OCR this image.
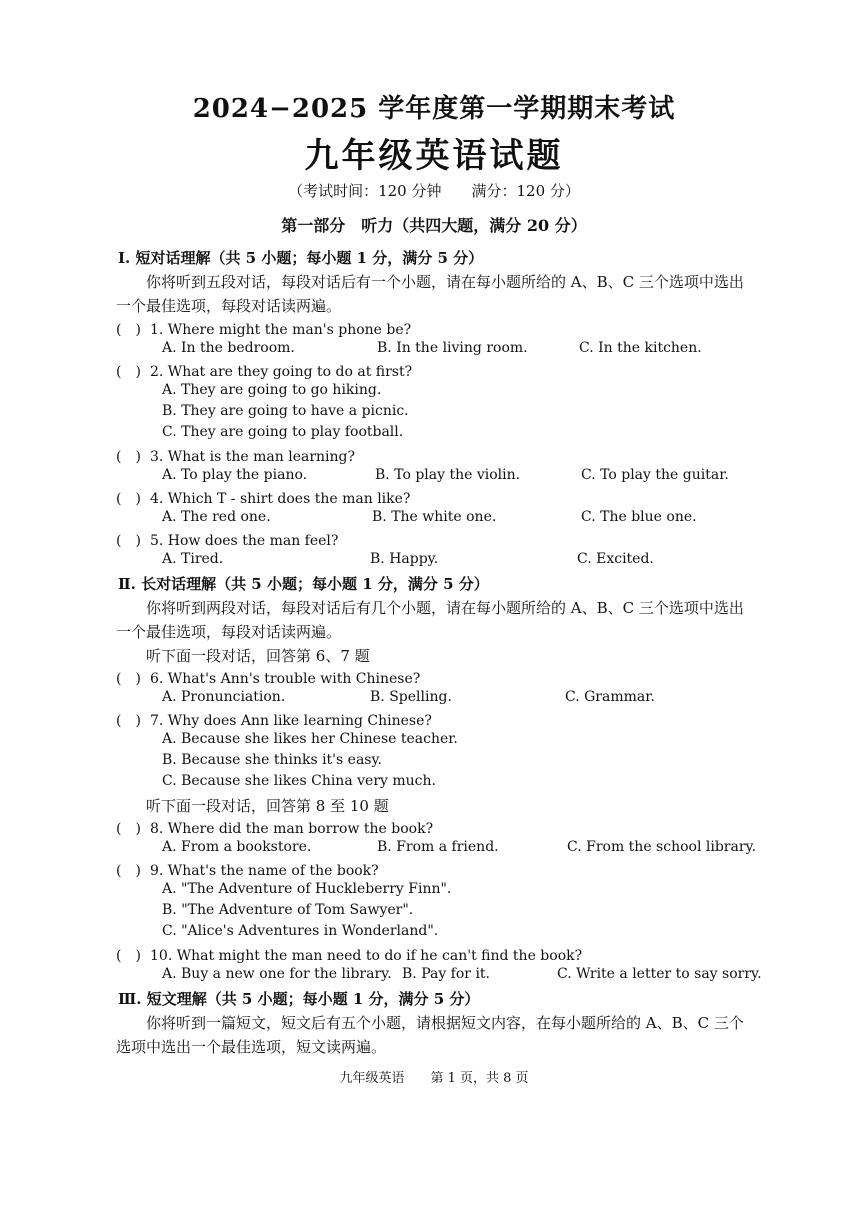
2024−2025 学年度第一学期期末考试
九年级英语试题
（考试时间：120 分钟　　满分：120 分）
第一部分　听力（共四大题，满分 20 分）
Ⅰ. 短对话理解（共 5 小题；每小题 1 分，满分 5 分）
你将听到五段对话，每段对话后有一个小题，请在每小题所给的 A、B、C 三个选项中选出
一个最佳选项，每段对话读两遍。
(　) 1. Where might the man's phone be?
A. In the bedroom.	B. In the living room.	C. In the kitchen.
(　) 2. What are they going to do at first?
A. They are going to go hiking.
B. They are going to have a picnic.
C. They are going to play football.
(　) 3. What is the man learning?
A. To play the piano.	B. To play the violin.	C. To play the guitar.
(　) 4. Which T - shirt does the man like?
A. The red one.	B. The white one.	C. The blue one.
(　) 5. How does the man feel?
A. Tired.	B. Happy.	C. Excited.
Ⅱ. 长对话理解（共 5 小题；每小题 1 分，满分 5 分）
你将听到两段对话，每段对话后有几个小题，请在每小题所给的 A、B、C 三个选项中选出
一个最佳选项，每段对话读两遍。
听下面一段对话，回答第 6、7 题
(　) 6. What's Ann's trouble with Chinese?
A. Pronunciation.	B. Spelling.	C. Grammar.
(　) 7. Why does Ann like learning Chinese?
A. Because she likes her Chinese teacher.
B. Because she thinks it's easy.
C. Because she likes China very much.
听下面一段对话，回答第 8 至 10 题
(　) 8. Where did the man borrow the book?
A. From a bookstore.	B. From a friend.	C. From the school library.
(　) 9. What's the name of the book?
A. "The Adventure of Huckleberry Finn".
B. "The Adventure of Tom Sawyer".
C. "Alice's Adventures in Wonderland".
(　) 10. What might the man need to do if he can't find the book?
A. Buy a new one for the library. B. Pay for it.	C. Write a letter to say sorry.
Ⅲ. 短文理解（共 5 小题；每小题 1 分，满分 5 分）
你将听到一篇短文，短文后有五个小题，请根据短文内容，在每小题所给的 A、B、C 三个
选项中选出一个最佳选项，短文读两遍。
九年级英语　　第 1 页，共 8 页
